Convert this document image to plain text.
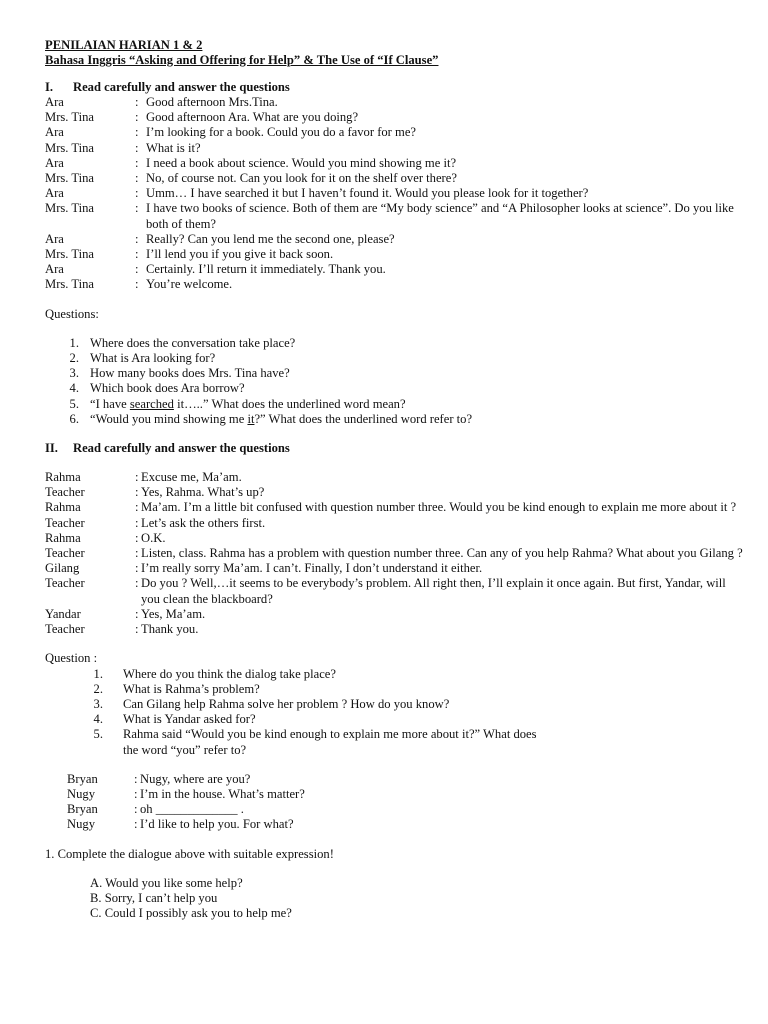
PENILAIAN HARIAN 1 & 2
Bahasa Inggris “Asking and Offering for Help” & The Use of “If Clause”
I. Read carefully and answer the questions
Ara	: Good afternoon Mrs.Tina.
Mrs. Tina	: Good afternoon Ara. What are you doing?
Ara	: I’m looking for a book. Could you do a favor for me?
Mrs. Tina	: What is it?
Ara	: I need a book about science. Would you mind showing me it?
Mrs. Tina	: No, of course not. Can you look for it on the shelf over there?
Ara	: Umm… I have searched it but I haven’t found it. Would you please look for it together?
Mrs. Tina	: I have two books of science. Both of them are “My body science” and “A Philosopher looks at science”. Do you like both of them?
Ara	: Really? Can you lend me the second one, please?
Mrs. Tina	: I’ll lend you if you give it back soon.
Ara	: Certainly. I’ll return it immediately. Thank you.
Mrs. Tina	: You’re welcome.
Questions:
1. Where does the conversation take place?
2. What is Ara looking for?
3. How many books does Mrs. Tina have?
4. Which book does Ara borrow?
5. “I have searched it…..” What does the underlined word mean?
6. “Would you mind showing me it?” What does the underlined word refer to?
II. Read carefully and answer the questions
Rahma	: Excuse me, Ma’am.
Teacher	: Yes, Rahma. What’s up?
Rahma	: Ma’am. I’m a little bit confused with question number three. Would you be kind enough to explain me more about it ?
Teacher	: Let’s ask the others first.
Rahma	: O.K.
Teacher	: Listen, class. Rahma has a problem with question number three. Can any of you help Rahma? What about you Gilang ?
Gilang	: I’m really sorry Ma’am. I can’t. Finally, I don’t understand it either.
Teacher	: Do you ? Well,…it seems to be everybody’s problem. All right then, I’ll explain it once again. But first, Yandar, will you clean the blackboard?
Yandar	: Yes, Ma’am.
Teacher	: Thank you.
Question :
1. Where do you think the dialog take place?
2. What is Rahma’s problem?
3. Can Gilang help Rahma solve her problem ? How do you know?
4. What is Yandar asked for?
5. Rahma said “Would you be kind enough to explain me more about it?” What does the word “you” refer to?
Bryan	: Nugy, where are you?
Nugy	: I’m in the house. What’s matter?
Bryan	: oh _____________ .
Nugy	: I’d like to help you. For what?
1. Complete the dialogue above with suitable expression!
A. Would you like some help?
B. Sorry, I can’t help you
C. Could I possibly ask you to help me?
